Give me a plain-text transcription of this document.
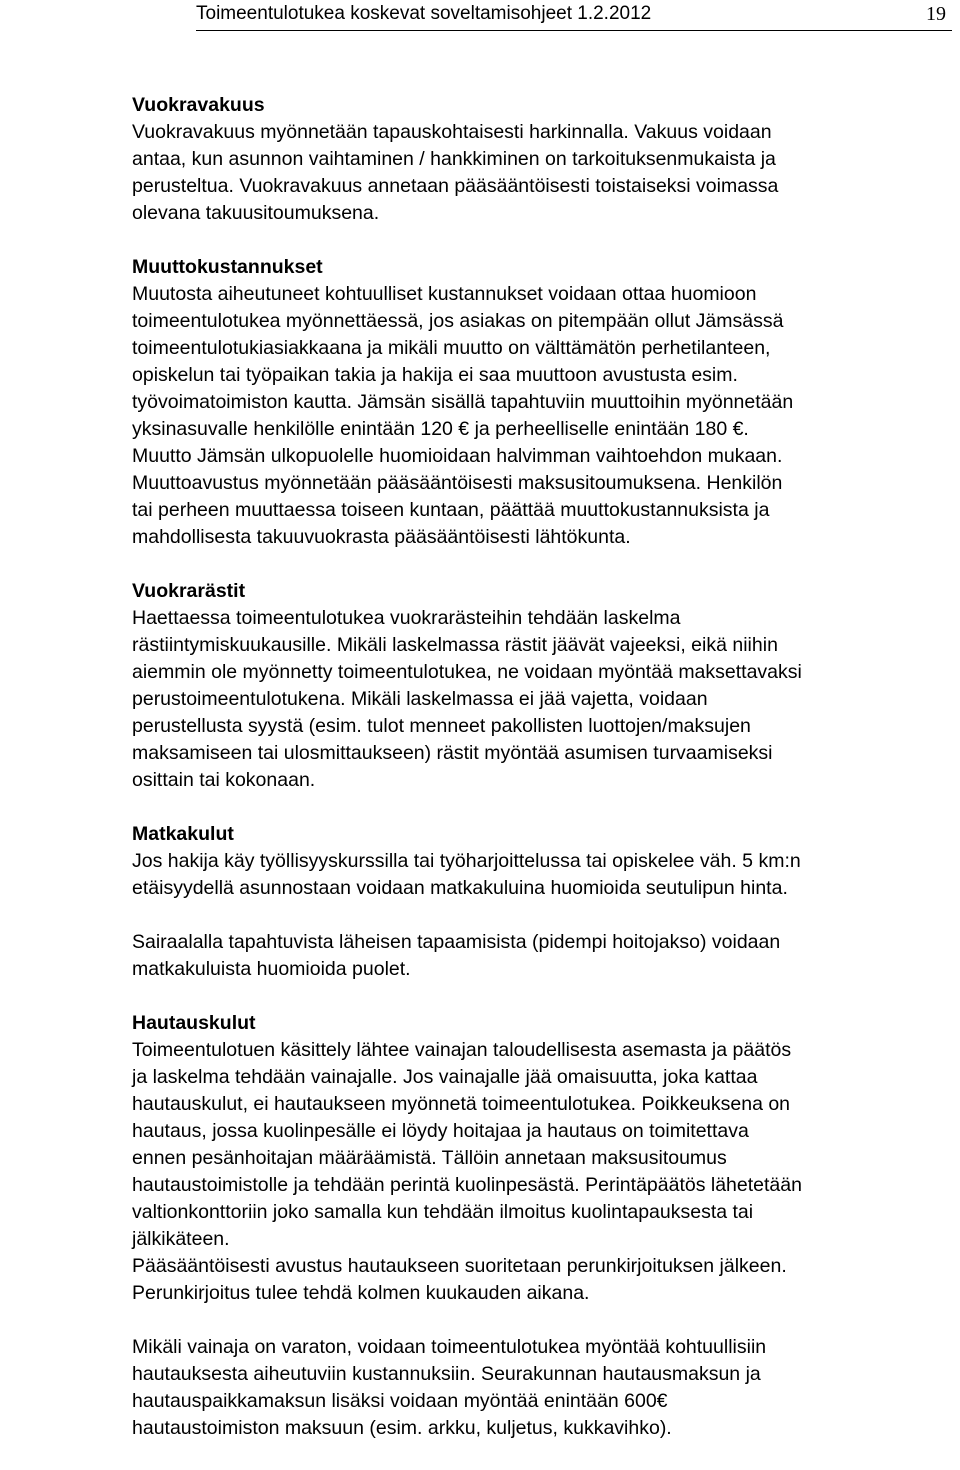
Toimeentulotukea koskevat soveltamisohjeet 1.2.2012	19

Vuokravakuus

Vuokravakuus myönnetään tapauskohtaisesti harkinnalla. Vakuus voidaan
antaa, kun asunnon vaihtaminen / hankkiminen on tarkoituksenmukaista ja
perusteltua. Vuokravakuus annetaan pääsääntöisesti toistaiseksi voimassa
olevana takuusitoumuksena.

Muuttokustannukset

Muutosta aiheutuneet kohtuulliset kustannukset voidaan ottaa huomioon
toimeentulotukea myönnettäessä, jos asiakas on pitempään ollut Jämsässä
toimeentulotukiasiakkaana ja mikäli muutto on välttämätön perhetilanteen,
opiskelun tai työpaikan takia ja hakija ei saa muuttoon avustusta esim.
työvoimatoimiston kautta. Jämsän sisällä tapahtuviin muuttoihin myönnetään
yksinasuvalle henkilölle enintään 120 € ja perheelliselle enintään 180 €.
Muutto Jämsän ulkopuolelle huomioidaan halvimman vaihtoehdon mukaan.
Muuttoavustus myönnetään pääsääntöisesti maksusitoumuksena. Henkilön
tai perheen muuttaessa toiseen kuntaan, päättää muuttokustannuksista ja
mahdollisesta takuuvuokrasta pääsääntöisesti lähtökunta.

Vuokrarästit

Haettaessa toimeentulotukea vuokrarästeihin tehdään laskelma
rästiintymiskuukausille. Mikäli laskelmassa rästit jäävät vajeeksi, eikä niihin
aiemmin ole myönnetty toimeentulotukea, ne voidaan myöntää maksettavaksi
perustoimeentulotukena. Mikäli laskelmassa ei jää vajetta, voidaan
perustellusta syystä (esim. tulot menneet pakollisten luottojen/maksujen
maksamiseen tai ulosmittaukseen) rästit myöntää asumisen turvaamiseksi
osittain tai kokonaan.

Matkakulut

Jos hakija käy työllisyyskurssilla tai työharjoittelussa tai opiskelee väh. 5 km:n
etäisyydellä asunnostaan voidaan matkakuluina huomioida seutulipun hinta.

Sairaalalla tapahtuvista läheisen tapaamisista (pidempi hoitojakso) voidaan
matkakuluista huomioida puolet.

Hautauskulut

Toimeentulotuen käsittely lähtee vainajan taloudellisesta asemasta ja päätös
ja laskelma tehdään vainajalle. Jos vainajalle jää omaisuutta, joka kattaa
hautauskulut, ei hautaukseen myönnetä toimeentulotukea. Poikkeuksena on
hautaus, jossa kuolinpesälle ei löydy hoitajaa ja hautaus on toimitettava
ennen pesänhoitajan määräämistä. Tällöin annetaan maksusitoumus
hautaustoimistolle ja tehdään perintä kuolinpesästä. Perintäpäätös lähetetään
valtionkonttoriin joko samalla kun tehdään ilmoitus kuolintapauksesta tai
jälkikäteen.

Pääsääntöisesti avustus hautaukseen suoritetaan perunkirjoituksen jälkeen.
Perunkirjoitus tulee tehdä kolmen kuukauden aikana.

Mikäli vainaja on varaton, voidaan toimeentulotukea myöntää kohtuullisiin
hautauksesta aiheutuviin kustannuksiin. Seurakunnan hautausmaksun ja
hautauspaikkamaksun lisäksi voidaan myöntää enintään 600€
hautaustoimiston maksuun (esim. arkku, kuljetus, kukkavihko).
